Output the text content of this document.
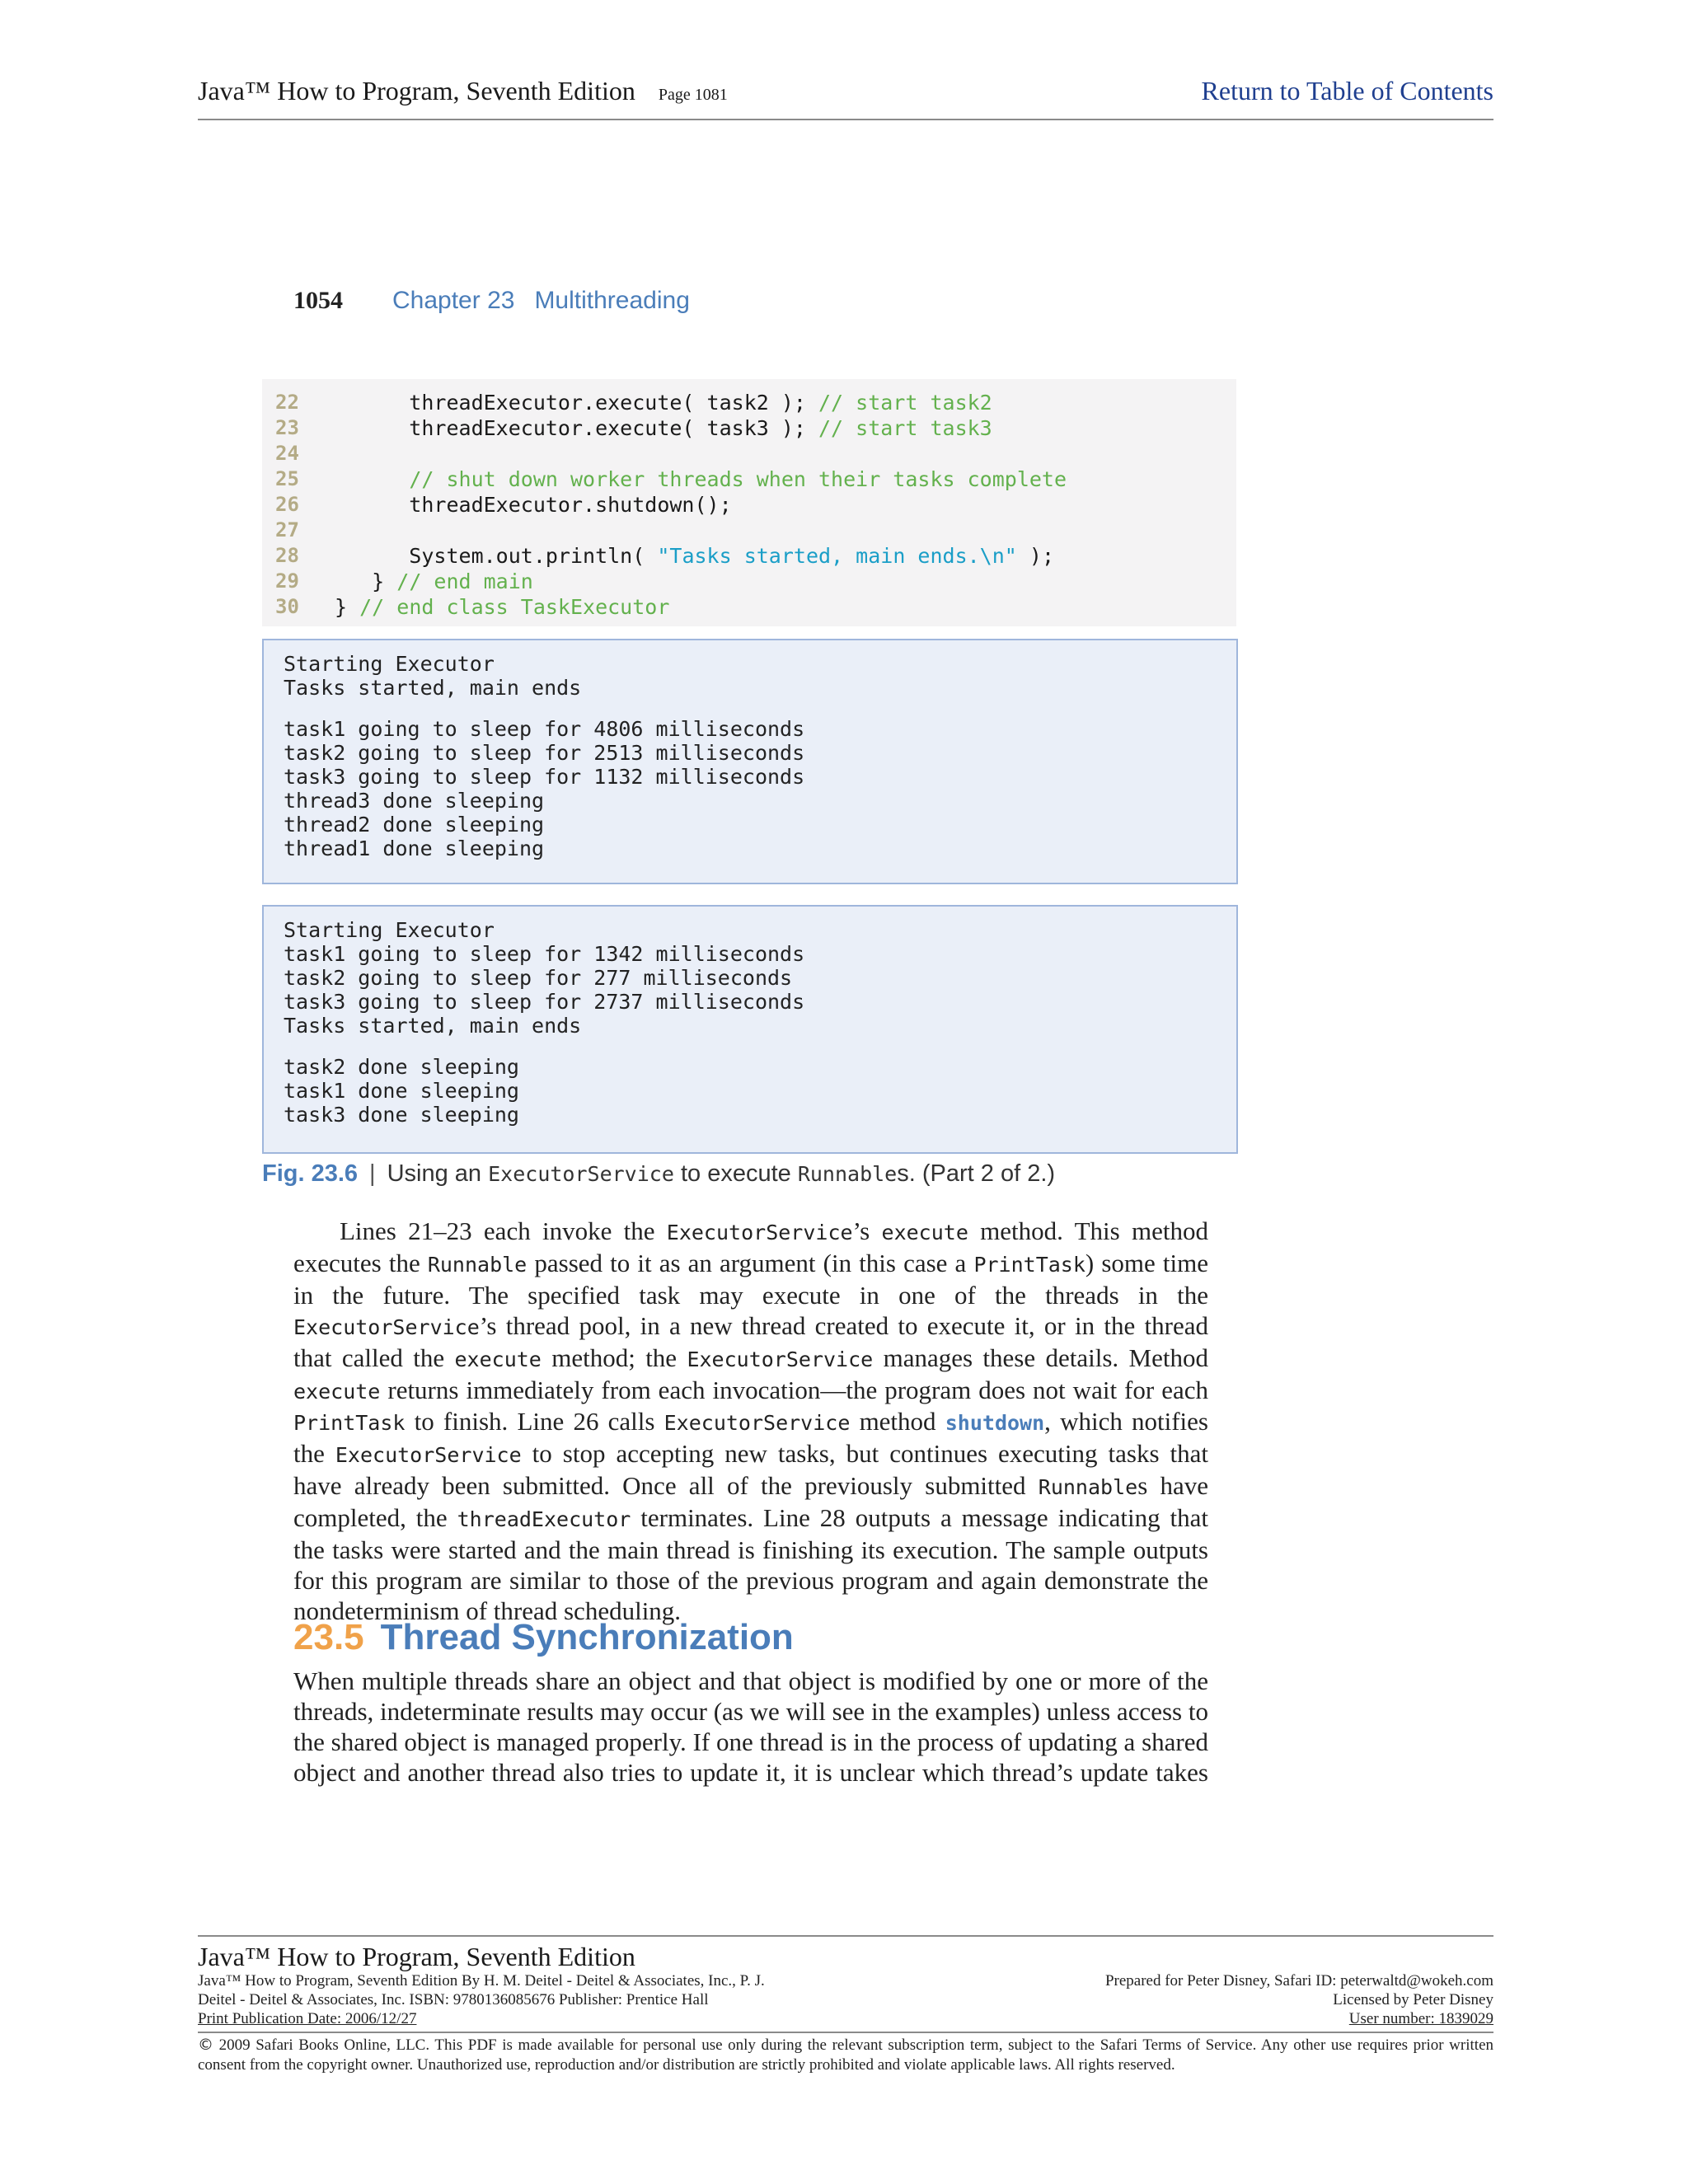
Java™ How to Program, Seventh Edition Page 1081	Return to Table of Contents
1054 Chapter 23 Multithreading
22	threadExecutor.execute( task2 ); // start task2
23	threadExecutor.execute( task3 ); // start task3
24
25	// shut down worker threads when their tasks complete
26	threadExecutor.shutdown();
27
28	System.out.println( "Tasks started, main ends.\n" );
29	} // end main
30	} // end class TaskExecutor
Starting Executor
Tasks started, main ends
task1 going to sleep for 4806 milliseconds
task2 going to sleep for 2513 milliseconds
task3 going to sleep for 1132 milliseconds
thread3 done sleeping
thread2 done sleeping
thread1 done sleeping
Starting Executor
task1 going to sleep for 1342 milliseconds
task2 going to sleep for 277 milliseconds
task3 going to sleep for 2737 milliseconds
Tasks started, main ends
task2 done sleeping
task1 done sleeping
task3 done sleeping
Fig. 23.6 | Using an ExecutorService to execute Runnables. (Part 2 of 2.)
Lines 21–23 each invoke the ExecutorService’s execute method. This method executes the Runnable passed to it as an argument (in this case a PrintTask) some time in the future. The specified task may execute in one of the threads in the ExecutorService’s thread pool, in a new thread created to execute it, or in the thread that called the execute method; the ExecutorService manages these details. Method execute returns immediately from each invocation—the program does not wait for each PrintTask to finish. Line 26 calls ExecutorService method shutdown, which notifies the ExecutorService to stop accepting new tasks, but continues executing tasks that have already been submitted. Once all of the previously submitted Runnables have completed, the threadExecutor terminates. Line 28 outputs a message indicating that the tasks were started and the main thread is finishing its execution. The sample outputs for this program are similar to those of the previous program and again demonstrate the nondeterminism of thread scheduling.
23.5 Thread Synchronization
When multiple threads share an object and that object is modified by one or more of the threads, indeterminate results may occur (as we will see in the examples) unless access to the shared object is managed properly. If one thread is in the process of updating a shared object and another thread also tries to update it, it is unclear which thread’s update takes
Java™ How to Program, Seventh Edition
Java™ How to Program, Seventh Edition By H. M. Deitel - Deitel & Associates, Inc., P. J.
Deitel - Deitel & Associates, Inc. ISBN: 9780136085676 Publisher: Prentice Hall
Print Publication Date: 2006/12/27
Prepared for Peter Disney, Safari ID: peterwaltd@wokeh.com
Licensed by Peter Disney
User number: 1839029
© 2009 Safari Books Online, LLC. This PDF is made available for personal use only during the relevant subscription term, subject to the Safari Terms of Service. Any other use requires prior written consent from the copyright owner. Unauthorized use, reproduction and/or distribution are strictly prohibited and violate applicable laws. All rights reserved.
